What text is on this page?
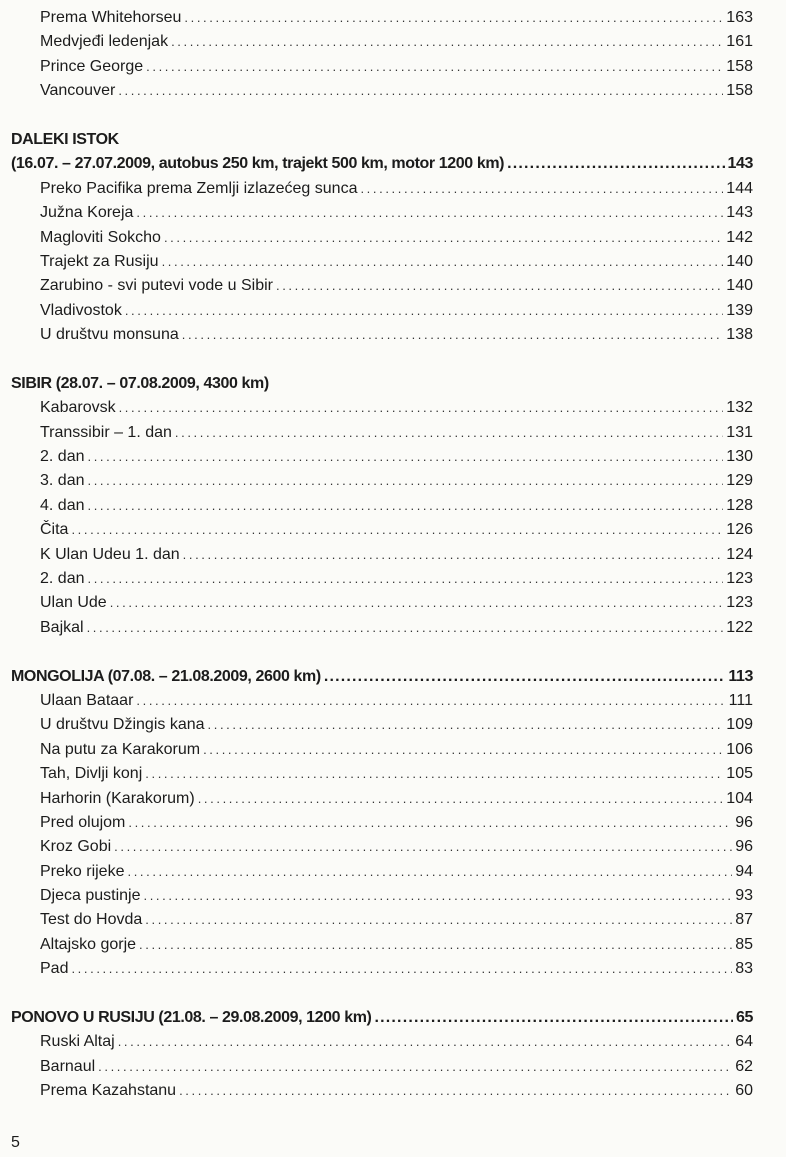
Prema Whitehorseu .....	163
Medvjeđi ledenjak .....	161
Prince George .....	158
Vancouver .....	158
DALEKI ISTOK
(16.07. – 27.07.2009, autobus 250 km, trajekt 500 km, motor 1200 km) .....	143
Preko Pacifika prema Zemlji izlazećeg sunca .....	144
Južna Koreja .....	143
Magloviti Sokcho .....	142
Trajekt za Rusiju .....	140
Zarubino - svi putevi vode u Sibir .....	140
Vladivostok .....	139
U društvu monsuna .....	138
SIBIR (28.07. – 07.08.2009, 4300 km)
Kabarovsk .....	132
Transsibir – 1. dan .....	131
2. dan .....	130
3. dan .....	129
4. dan .....	128
Čita .....	126
K Ulan Udeu 1. dan .....	124
2. dan .....	123
Ulan Ude .....	123
Bajkal .....	122
MONGOLIJA (07.08. – 21.08.2009, 2600 km) .....	113
Ulaan Bataar .....	111
U društvu Džingis kana .....	109
Na putu za Karakorum .....	106
Tah, Divlji konj .....	105
Harhorin (Karakorum) .....	104
Pred olujom .....	96
Kroz Gobi .....	96
Preko rijeke .....	94
Djeca pustinje .....	93
Test do Hovda .....	87
Altajsko gorje .....	85
Pad .....	83
PONOVO U RUSIJU (21.08. – 29.08.2009, 1200 km) .....	65
Ruski Altaj .....	64
Barnaul .....	62
Prema Kazahstanu .....	60
5
